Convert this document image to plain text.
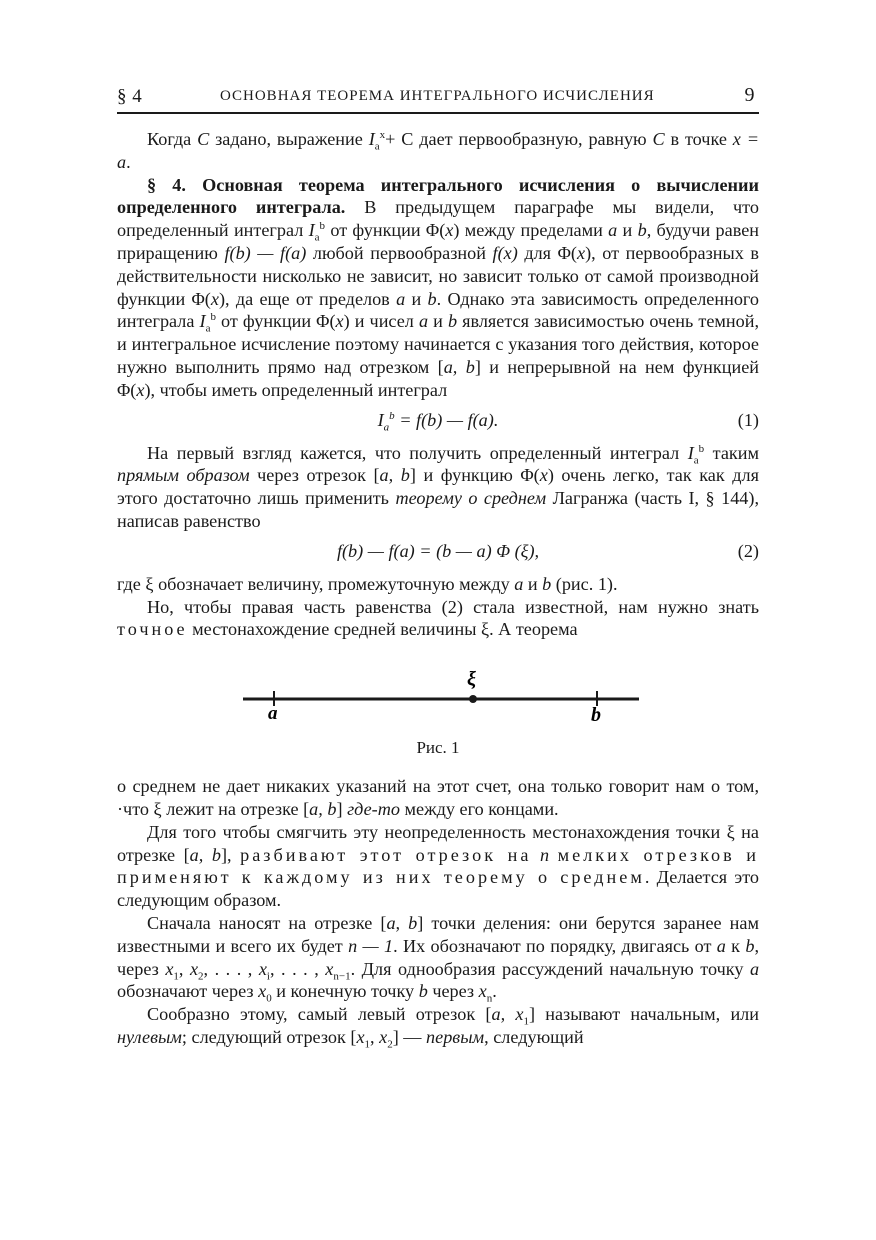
§ 4	ОСНОВНАЯ ТЕОРЕМА ИНТЕГРАЛЬНОГО ИСЧИСЛЕНИЯ	9

Когда C задано, выражение $I_a^x+ C$ дает первообразную, равную C в точке x = a.

§ 4. Основная теорема интегрального исчисления о вычислении определенного интеграла. В предыдущем параграфе мы видели, что определенный интеграл $I_a^b$ от функции Φ(x) между пределами a и b, будучи равен приращению f(b) — f(a) любой первообразной f(x) для Φ(x), от первообразных в действительности нисколько не зависит, но зависит только от самой производной функции Φ(x), да еще от пределов a и b. Однако эта зависимость определенного интеграла $I_a^b$ от функции Φ(x) и чисел a и b является зависимостью очень темной, и интегральное исчисление поэтому начинается с указания того действия, которое нужно выполнить прямо над отрезком [a, b] и непрерывной на нем функцией Φ(x), чтобы иметь определенный интеграл

$I_a^b = f(b)$ — f(a).	(1)

На первый взгляд кажется, что получить определенный интеграл $I_a^b$ таким прямым образом через отрезок [a, b] и функцию Φ(x) очень легко, так как для этого достаточно лишь применить теорему о среднем Лагранжа (часть I, § 144), написав равенство

f(b) — f(a) = (b — a) Φ (ξ),	(2)

где ξ обозначает величину, промежуточную между a и b (рис. 1).

Но, чтобы правая часть равенства (2) стала известной, нам нужно знать точное местонахождение средней величины ξ. А теорема

a
ξ
b
Рис. 1

о среднем не дает никаких указаний на этот счет, она только говорит нам о том, ·что ξ лежит на отрезке [a, b] где-то между его концами.

Для того чтобы смягчить эту неопределенность местонахождения точки ξ на отрезке [a, b], разбивают этот отрезок на n мелких отрезков и применяют к каждому из них теорему о среднем. Делается это следующим образом.

Сначала наносят на отрезке [a, b] точки деления: они берутся заранее нам известными и всего их будет n — 1. Их обозначают по порядку, двигаясь от a к b, через $x_1$, $x_2$, . . . , $x_i$, . . . , $x_{n-1}$. Для однообразия рассуждений начальную точку a обозначают через $x_0$ и конечную точку b через $x_n$.

Сообразно этому, самый левый отрезок [a, $x_1$] называют начальным, или нулевым; следующий отрезок [$x_1$, $x_2$] — первым, следующий
